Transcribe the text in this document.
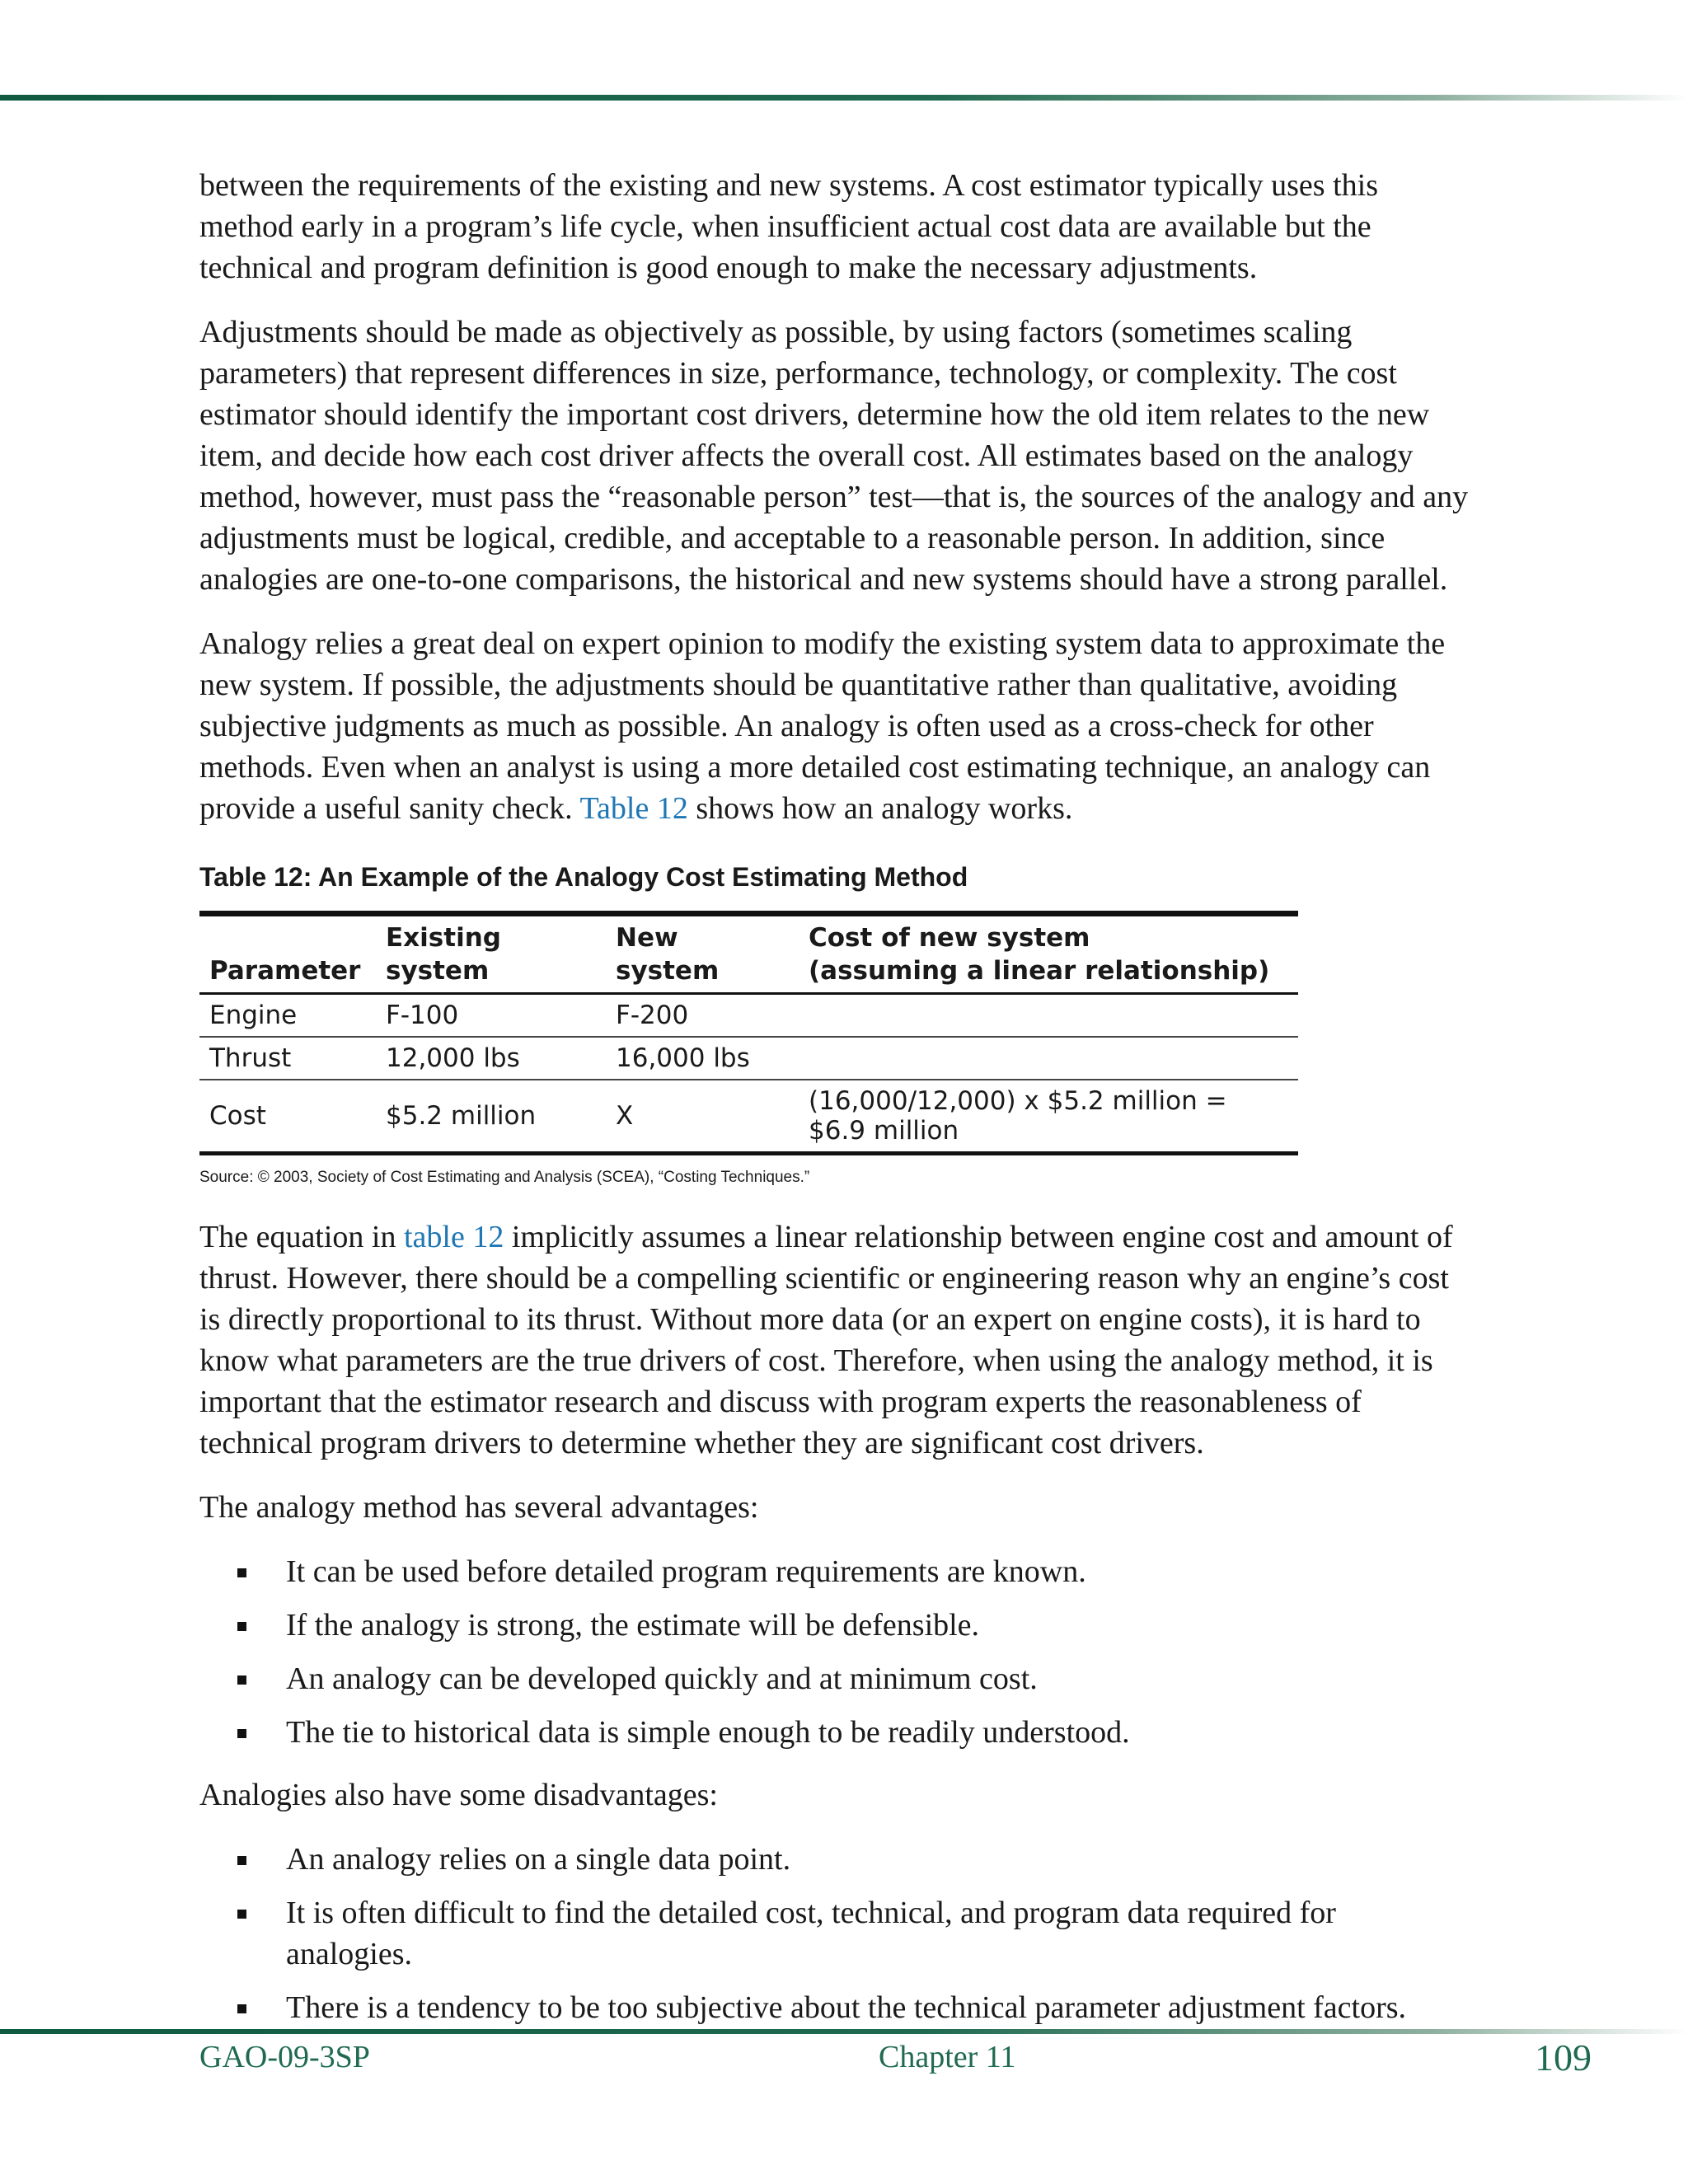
between the requirements of the existing and new systems. A cost estimator typically uses this method early in a program’s life cycle, when insufficient actual cost data are available but the technical and program definition is good enough to make the necessary adjustments.

Adjustments should be made as objectively as possible, by using factors (sometimes scaling parameters) that represent differences in size, performance, technology, or complexity. The cost estimator should identify the important cost drivers, determine how the old item relates to the new item, and decide how each cost driver affects the overall cost. All estimates based on the analogy method, however, must pass the “reasonable person” test—that is, the sources of the analogy and any adjustments must be logical, credible, and acceptable to a reasonable person. In addition, since analogies are one-to-one comparisons, the historical and new systems should have a strong parallel.

Analogy relies a great deal on expert opinion to modify the existing system data to approximate the new system. If possible, the adjustments should be quantitative rather than qualitative, avoiding subjective judgments as much as possible. An analogy is often used as a cross-check for other methods. Even when an analyst is using a more detailed cost estimating technique, an analogy can provide a useful sanity check. Table 12 shows how an analogy works.

Table 12: An Example of the Analogy Cost Estimating Method
Parameter	Existing system	New system	Cost of new system
(assuming a linear relationship)

Engine	F-100	F-200	
Thrust	12,000 lbs	16,000 lbs	
Cost	$5.2 million	X	(16,000/12,000) x $5.2 million = $6.9 million
Source: © 2003, Society of Cost Estimating and Analysis (SCEA), “Costing Techniques.”

The equation in table 12 implicitly assumes a linear relationship between engine cost and amount of thrust. However, there should be a compelling scientific or engineering reason why an engine’s cost is directly proportional to its thrust. Without more data (or an expert on engine costs), it is hard to know what parameters are the true drivers of cost. Therefore, when using the analogy method, it is important that the estimator research and discuss with program experts the reasonableness of technical program drivers to determine whether they are significant cost drivers.

The analogy method has several advantages:

It can be used before detailed program requirements are known.
If the analogy is strong, the estimate will be defensible.
An analogy can be developed quickly and at minimum cost.
The tie to historical data is simple enough to be readily understood.

Analogies also have some disadvantages:

An analogy relies on a single data point.
It is often difficult to find the detailed cost, technical, and program data required for analogies.
There is a tendency to be too subjective about the technical parameter adjustment factors.
GAO-09-3SP	Chapter 11	109
